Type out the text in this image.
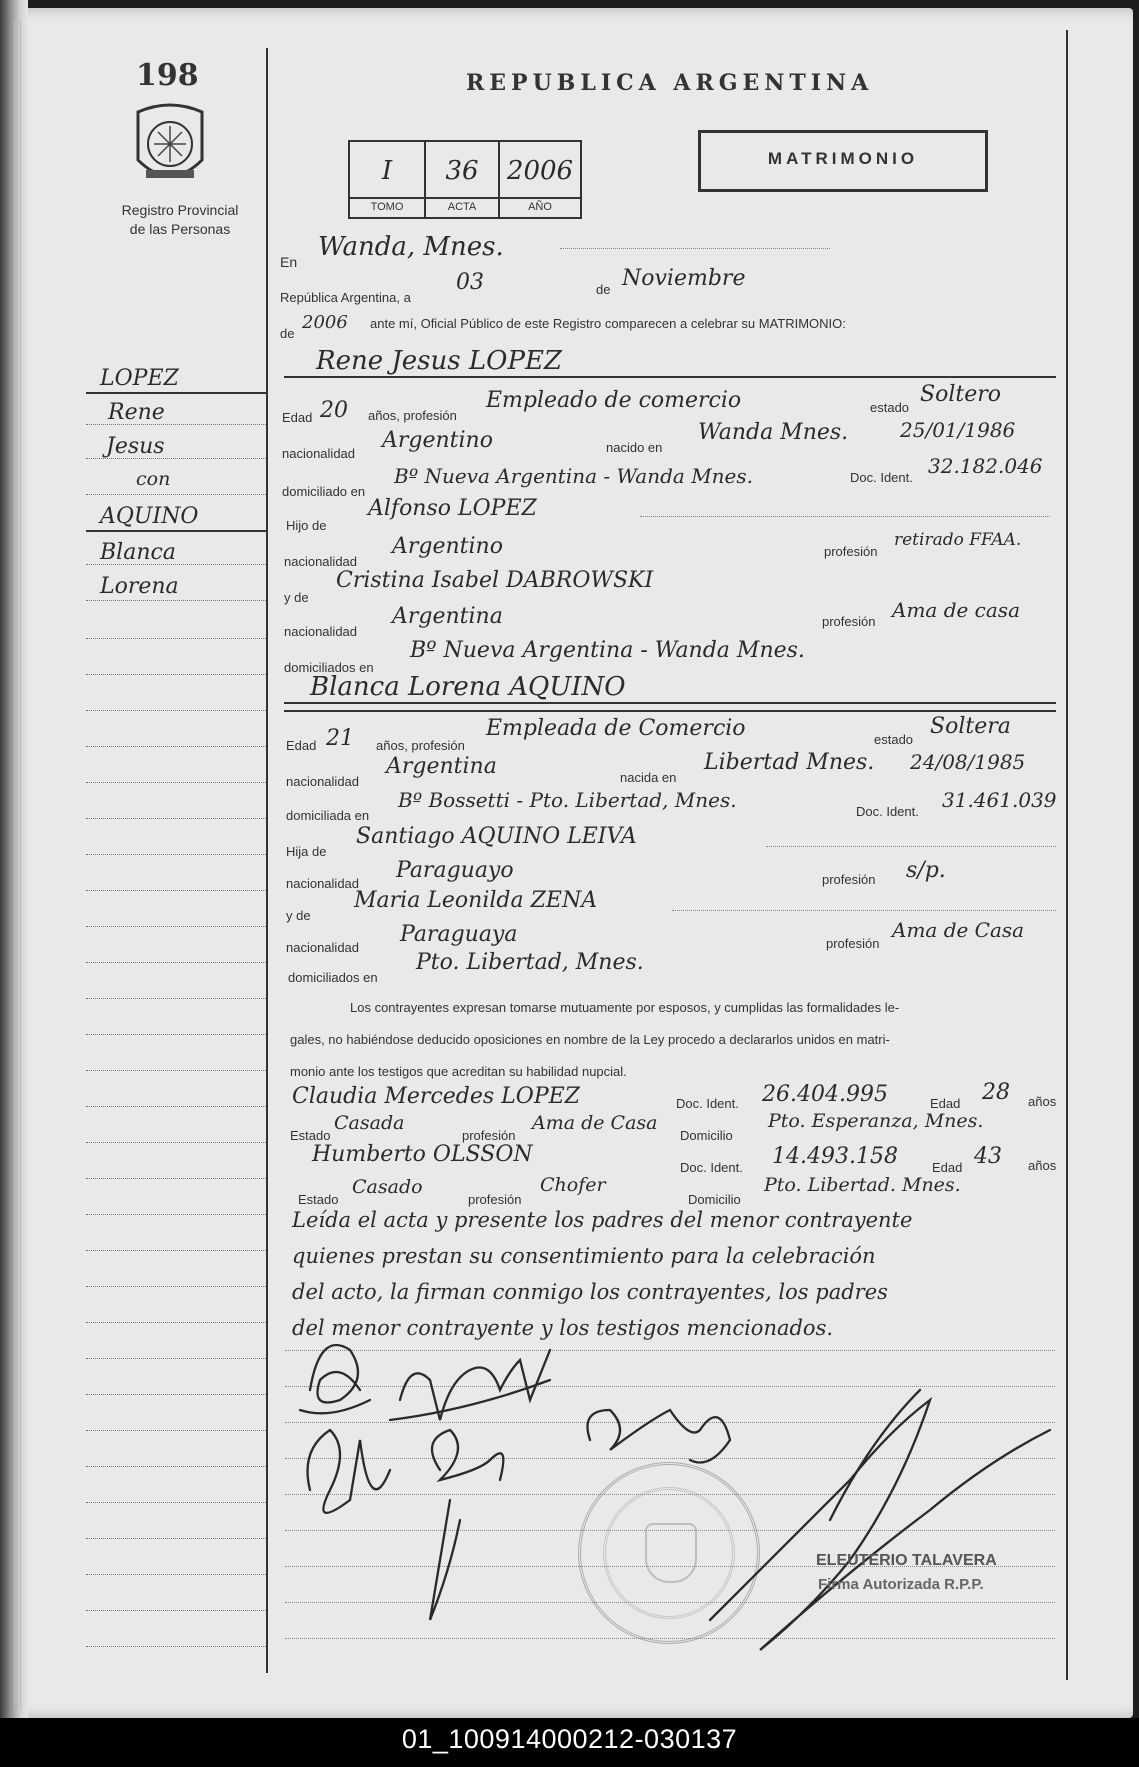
198
Registro Provincial
de las Personas
REPUBLICA ARGENTINA
I	36	2006
TOMO	ACTA	AÑO
MATRIMONIO
LOPEZ
Rene
Jesus
con
AQUINO
Blanca
Lorena
En Wanda, Mnes.
República Argentina, a
03	de Noviembre
de
2006 ante mí, Oficial Público de este Registro comparecen a celebrar su MATRIMONIO:
Rene Jesus LOPEZ
Edad 20 años, profesión
Empleado de comercio	estado
Soltero
nacionalidad
Argentino	nacido en
Wanda Mnes.	25/01/1986
domiciliado en
Bº Nueva Argentina - Wanda Mnes.	Doc. Ident. 32.182.046
Hijo de
Alfonso LOPEZ
nacionalidad
Argentino	profesión
retirado FFAA.
y de
Cristina Isabel DABROWSKI
nacionalidad
Argentina	profesión Ama de casa
domiciliados en
Bº Nueva Argentina - Wanda Mnes.
Blanca Lorena AQUINO
Edad 21 años, profesión
Empleada de Comercio	estado
Soltera
nacionalidad
Argentina	nacida en
Libertad Mnes. 24/08/1985
domiciliada en
Bº Bossetti - Pto. Libertad, Mnes.	Doc. Ident. 31.461.039
Hija de
Santiago AQUINO LEIVA
nacionalidad
Paraguayo	profesión s/p.
y de
Maria Leonilda ZENA
nacionalidad
Paraguaya	profesión
Ama de Casa
domiciliados en
Pto. Libertad, Mnes.
Los contrayentes expresan tomarse mutuamente por esposos, y cumplidas las formalidades le-
gales, no habiéndose deducido oposiciones en nombre de la Ley procedo a declararlos unidos en matri-
monio ante los testigos que acreditan su habilidad nupcial.
Claudia Mercedes LOPEZ	Doc. Ident. 26.404.995	Edad 28 años
Estado
Casada
profesión
Ama de Casa
Domicilio
Pto. Esperanza, Mnes.
Humberto OLSSON
Doc. Ident. 14.493.158	Edad 43 años
Estado
Casado
profesión
Chofer
Domicilio
Pto. Libertad. Mnes.
Leída el acta y presente los padres del menor contrayente
quienes prestan su consentimiento para la celebración
del acto, la firman conmigo los contrayentes, los padres
del menor contrayente y los testigos mencionados.
ELEUTERIO TALAVERA
Firma Autorizada R.P.P.
01_100914000212-030137
